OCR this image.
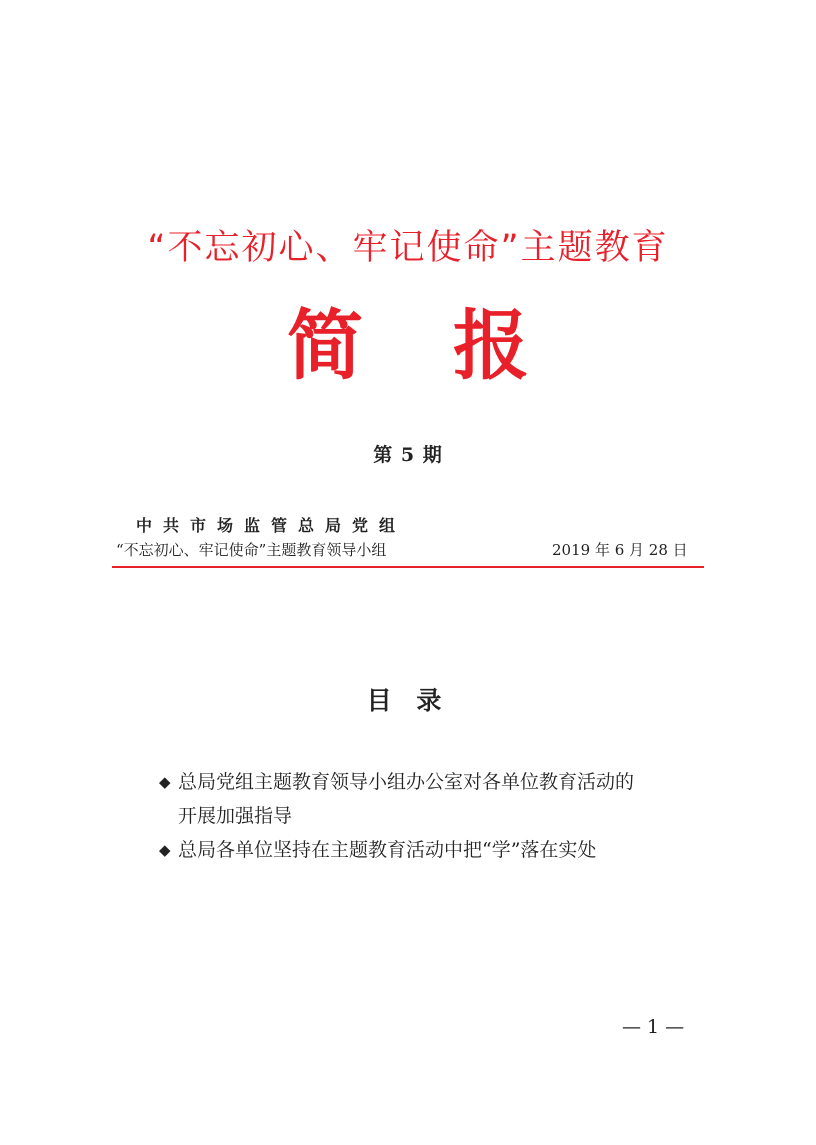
“不忘初心、牢记使命”主题教育
简 报
第 5 期
中共市场监管总局党组
“不忘初心、牢记使命”主题教育领导小组	2019 年 6 月 28 日
目 录
◆ 总局党组主题教育领导小组办公室对各单位教育活动的
开展加强指导
◆ 总局各单位坚持在主题教育活动中把“学”落在实处
— 1 —
